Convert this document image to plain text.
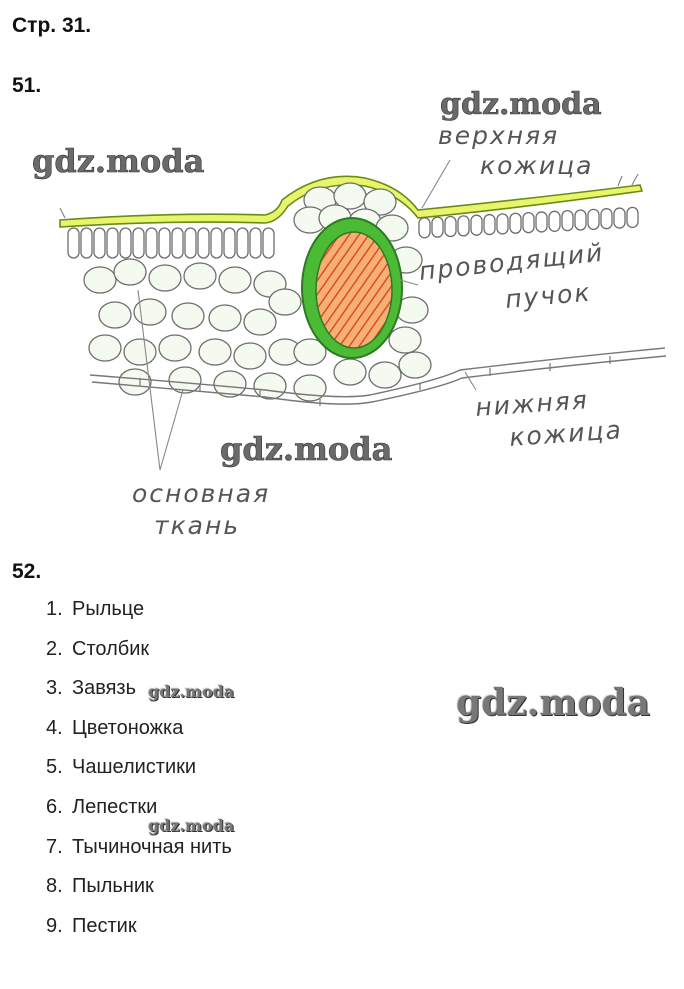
Стр. 31.
51.
верхняя
кожица
проводящий
пучок
нижняя
кожица
основная
ткань
gdz.moda
gdz.moda
gdz.moda
52.
1. Рыльце
2. Столбик
3. Завязь
4. Цветоножка
5. Чашелистики
6. Лепестки
7. Тычиночная нить
8. Пыльник
9. Пестик
gdz.moda
gdz.moda
gdz.moda
